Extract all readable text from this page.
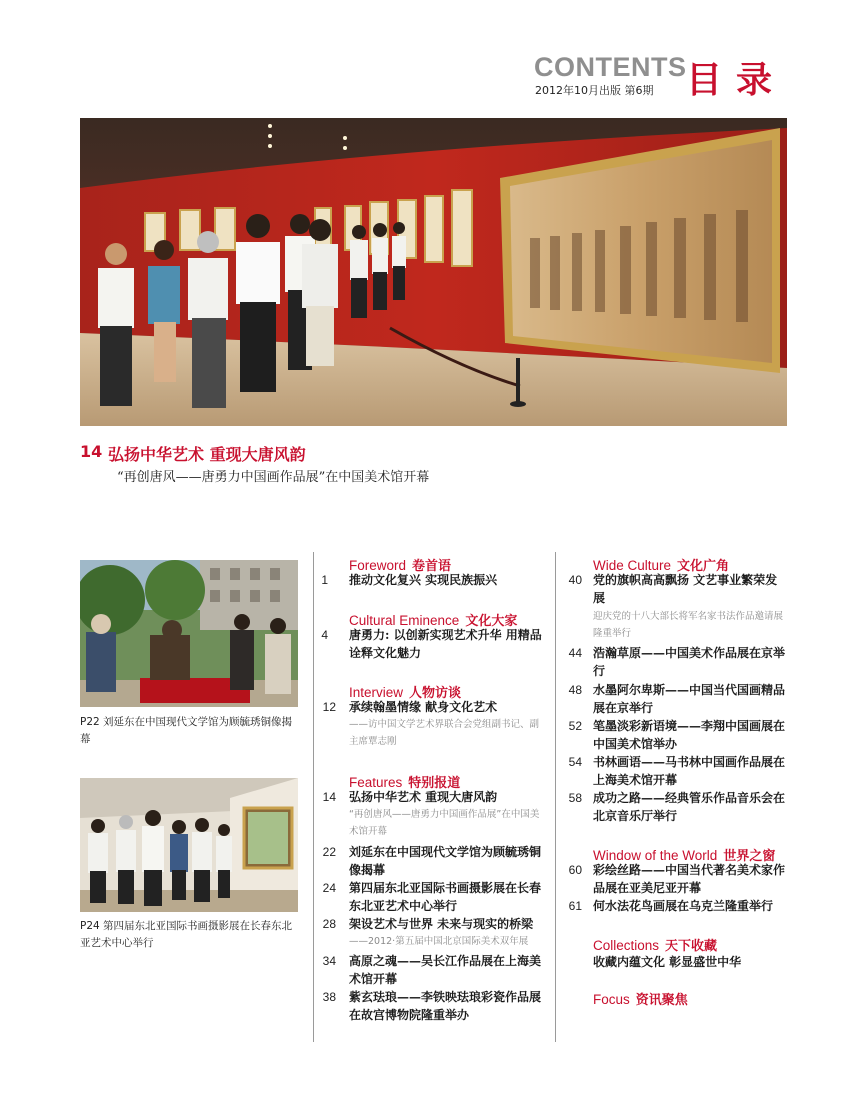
CONTENTS
2012年10月出版 第6期 目录
14 弘扬中华艺术 重现大唐风韵
“再创唐风——唐勇力中国画作品展”在中国美术馆开幕
P22 刘延东在中国现代文学馆为顾毓琇铜像揭幕
P24 第四届东北亚国际书画摄影展在长春东北亚艺术中心举行
Foreword 卷首语
1 推动文化复兴 实现民族振兴
Cultural Eminence 文化大家
4 唐勇力: 以创新实现艺术升华 用精品诠释文化魅力
Interview 人物访谈
12 承续翰墨情缘 献身文化艺术
——访中国文学艺术界联合会党组副书记、副主席覃志刚
Features 特别报道
14 弘扬中华艺术 重现大唐风韵
“再创唐风——唐勇力中国画作品展”在中国美术馆开幕
22 刘延东在中国现代文学馆为顾毓琇铜像揭幕
24 第四届东北亚国际书画摄影展在长春东北亚艺术中心举行
28 架设艺术与世界 未来与现实的桥梁
——2012·第五届中国北京国际美术双年展
34 高原之魂——吴长江作品展在上海美术馆开幕
38 紫玄珐琅——李铁映珐琅彩瓷作品展在故宫博物院隆重举办
Wide Culture 文化广角
40 党的旗帜高高飘扬 文艺事业繁荣发展
迎庆党的十八大部长将军名家书法作品邀请展隆重举行
44 浩瀚草原——中国美术作品展在京举行
48 水墨阿尔卑斯——中国当代国画精品展在京举行
52 笔墨淡彩新语境——李翔中国画展在中国美术馆举办
54 书林画语——马书林中国画作品展在上海美术馆开幕
58 成功之路——经典管乐作品音乐会在北京音乐厅举行
Window of the World 世界之窗
60 彩绘丝路——中国当代著名美术家作品展在亚美尼亚开幕
61 何水法花鸟画展在乌克兰隆重举行
Collections 天下收藏
收藏内蕴文化 彰显盛世中华
Focus 资讯聚焦
